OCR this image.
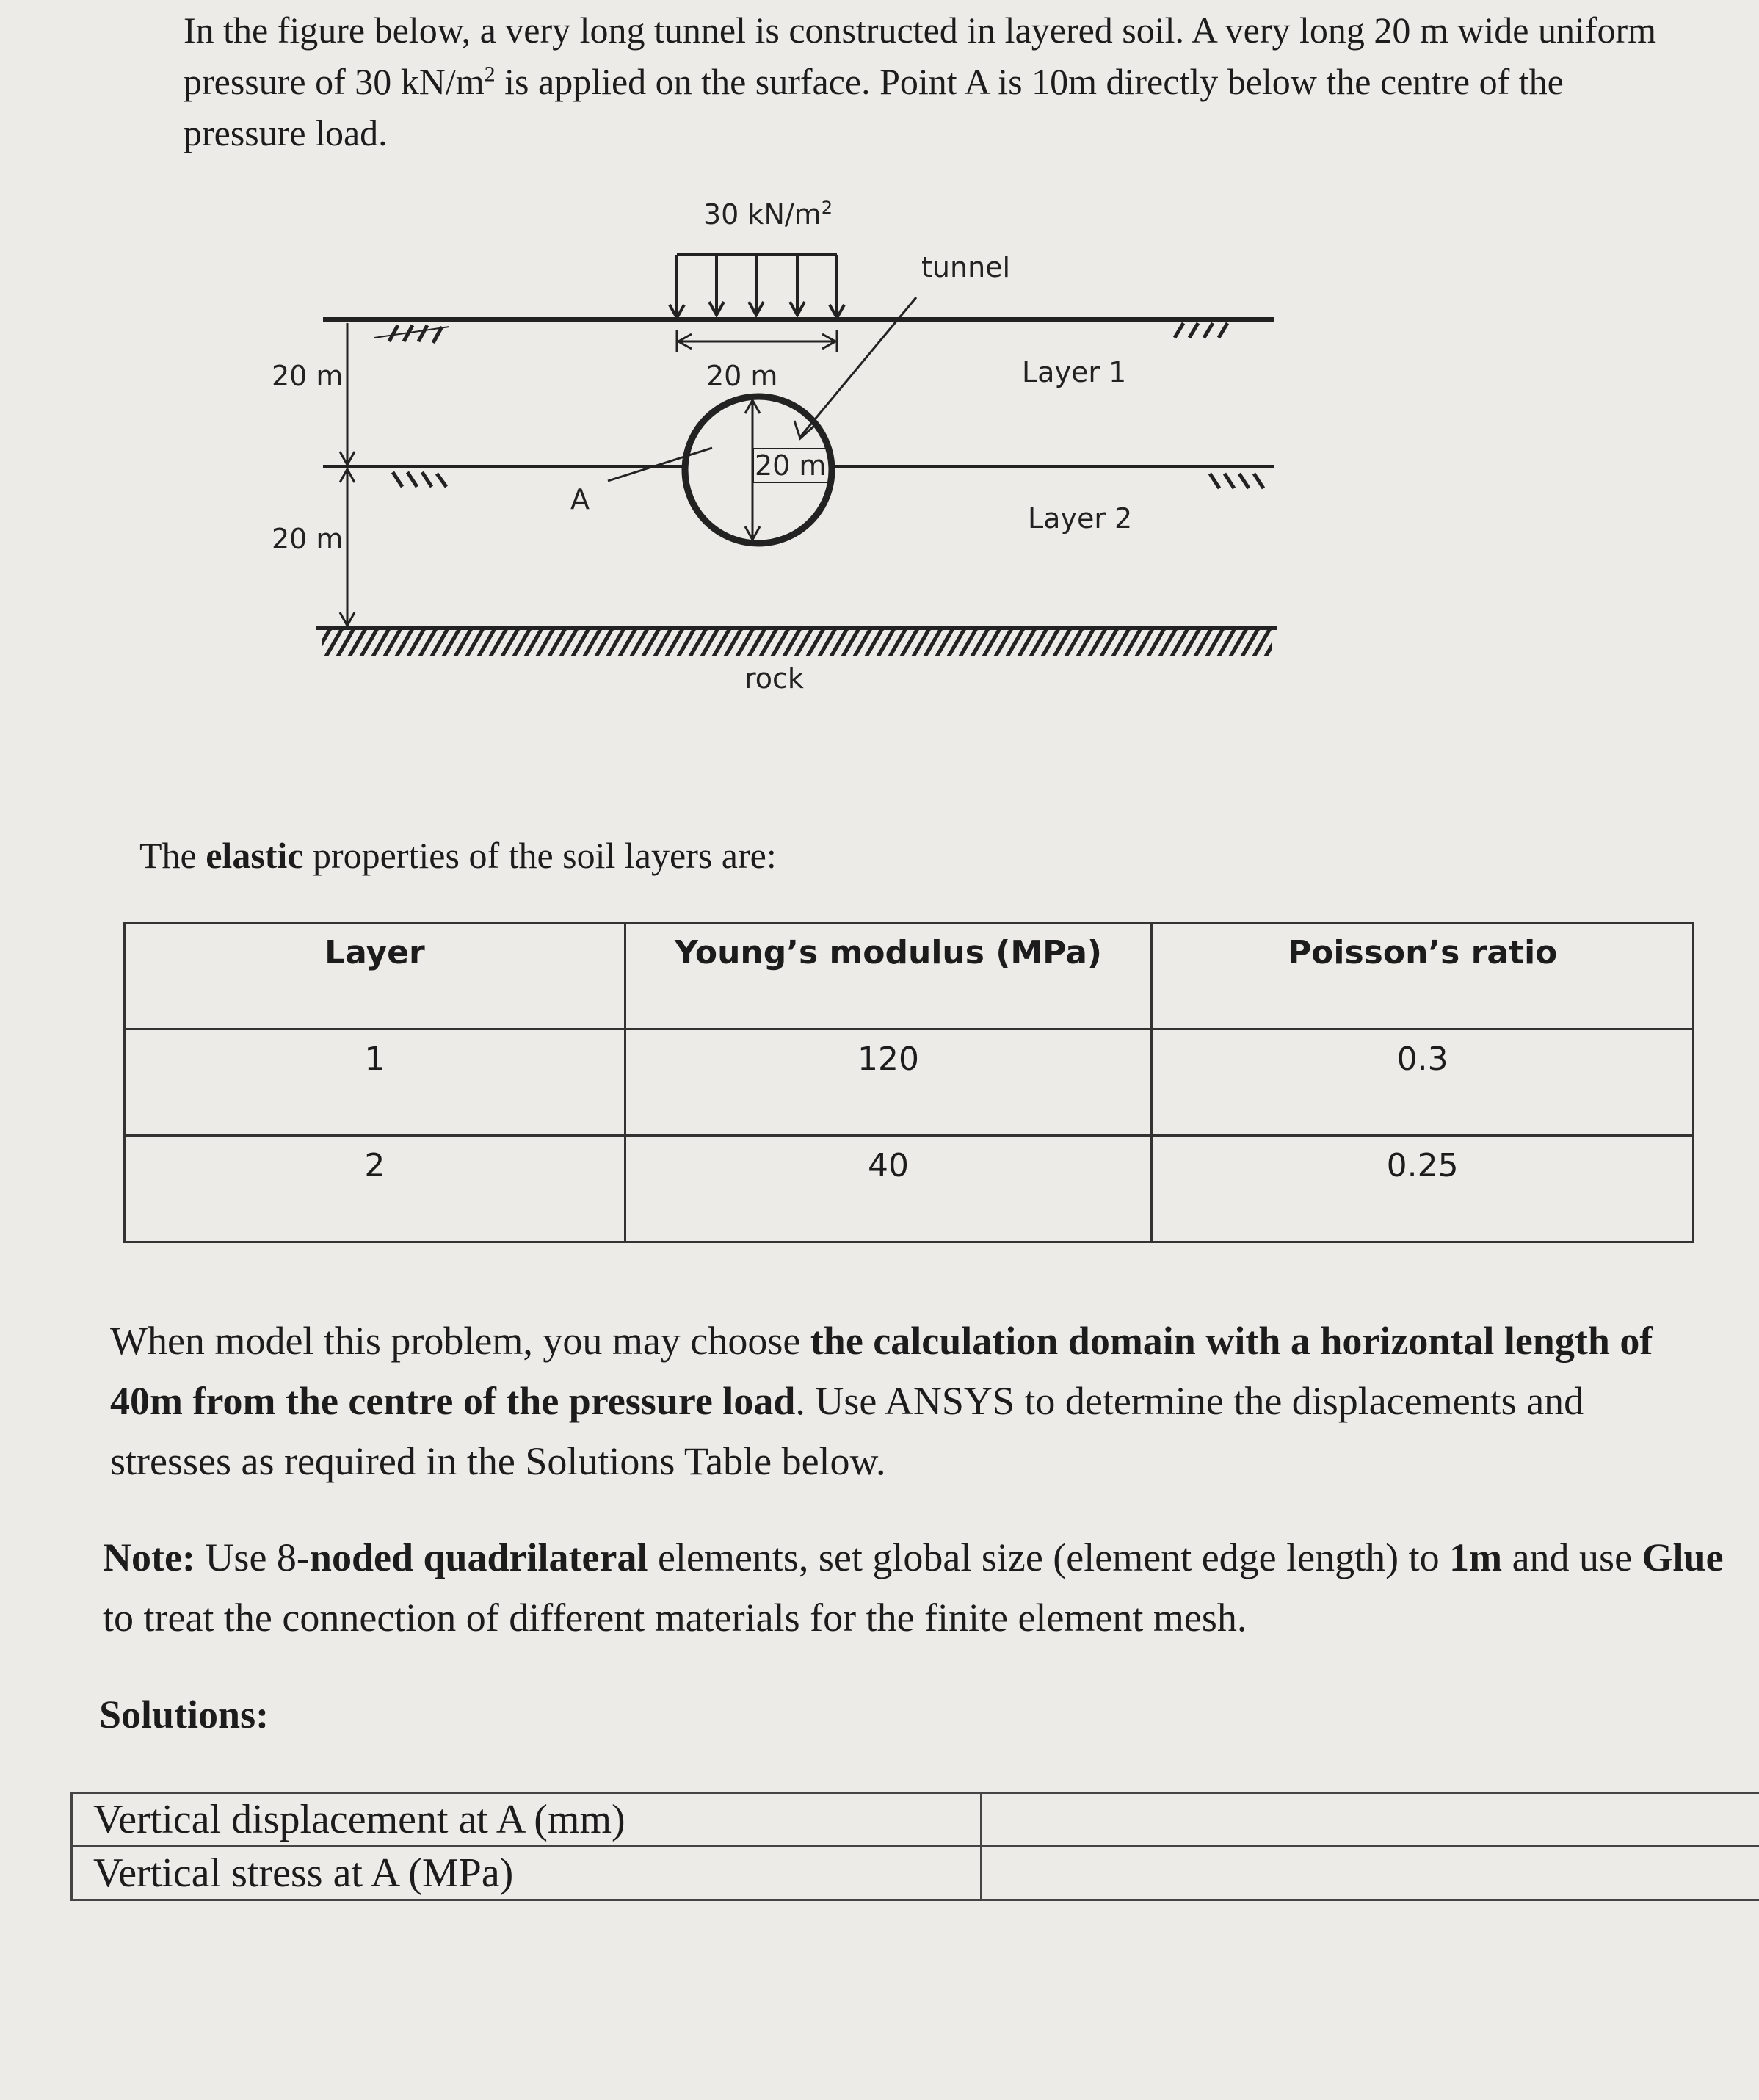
In the figure below, a very long tunnel is constructed in layered soil. A very long 20 m wide uniform pressure of 30 $kN/m^2$ is applied on the surface. Point A is 10m directly below the centre of the pressure load.

30 $kN/m^2$
20 m
tunnel
20 m
A
20 m
20 m
Layer 1
Layer 2
rock

The elastic properties of the soil layers are:

Layer	Young’s modulus (MPa)	Poisson’s ratio
1	120	0.3
2	40	0.25

When model this problem, you may choose the calculation domain with a horizontal length of 40m from the centre of the pressure load. Use ANSYS to determine the displacements and stresses as required in the Solutions Table below.

Note: Use 8-noded quadrilateral elements, set global size (element edge length) to 1m and use Glue to treat the connection of different materials for the finite element mesh.

Solutions:

Vertical displacement at A (mm)	
Vertical stress at A (MPa)	
